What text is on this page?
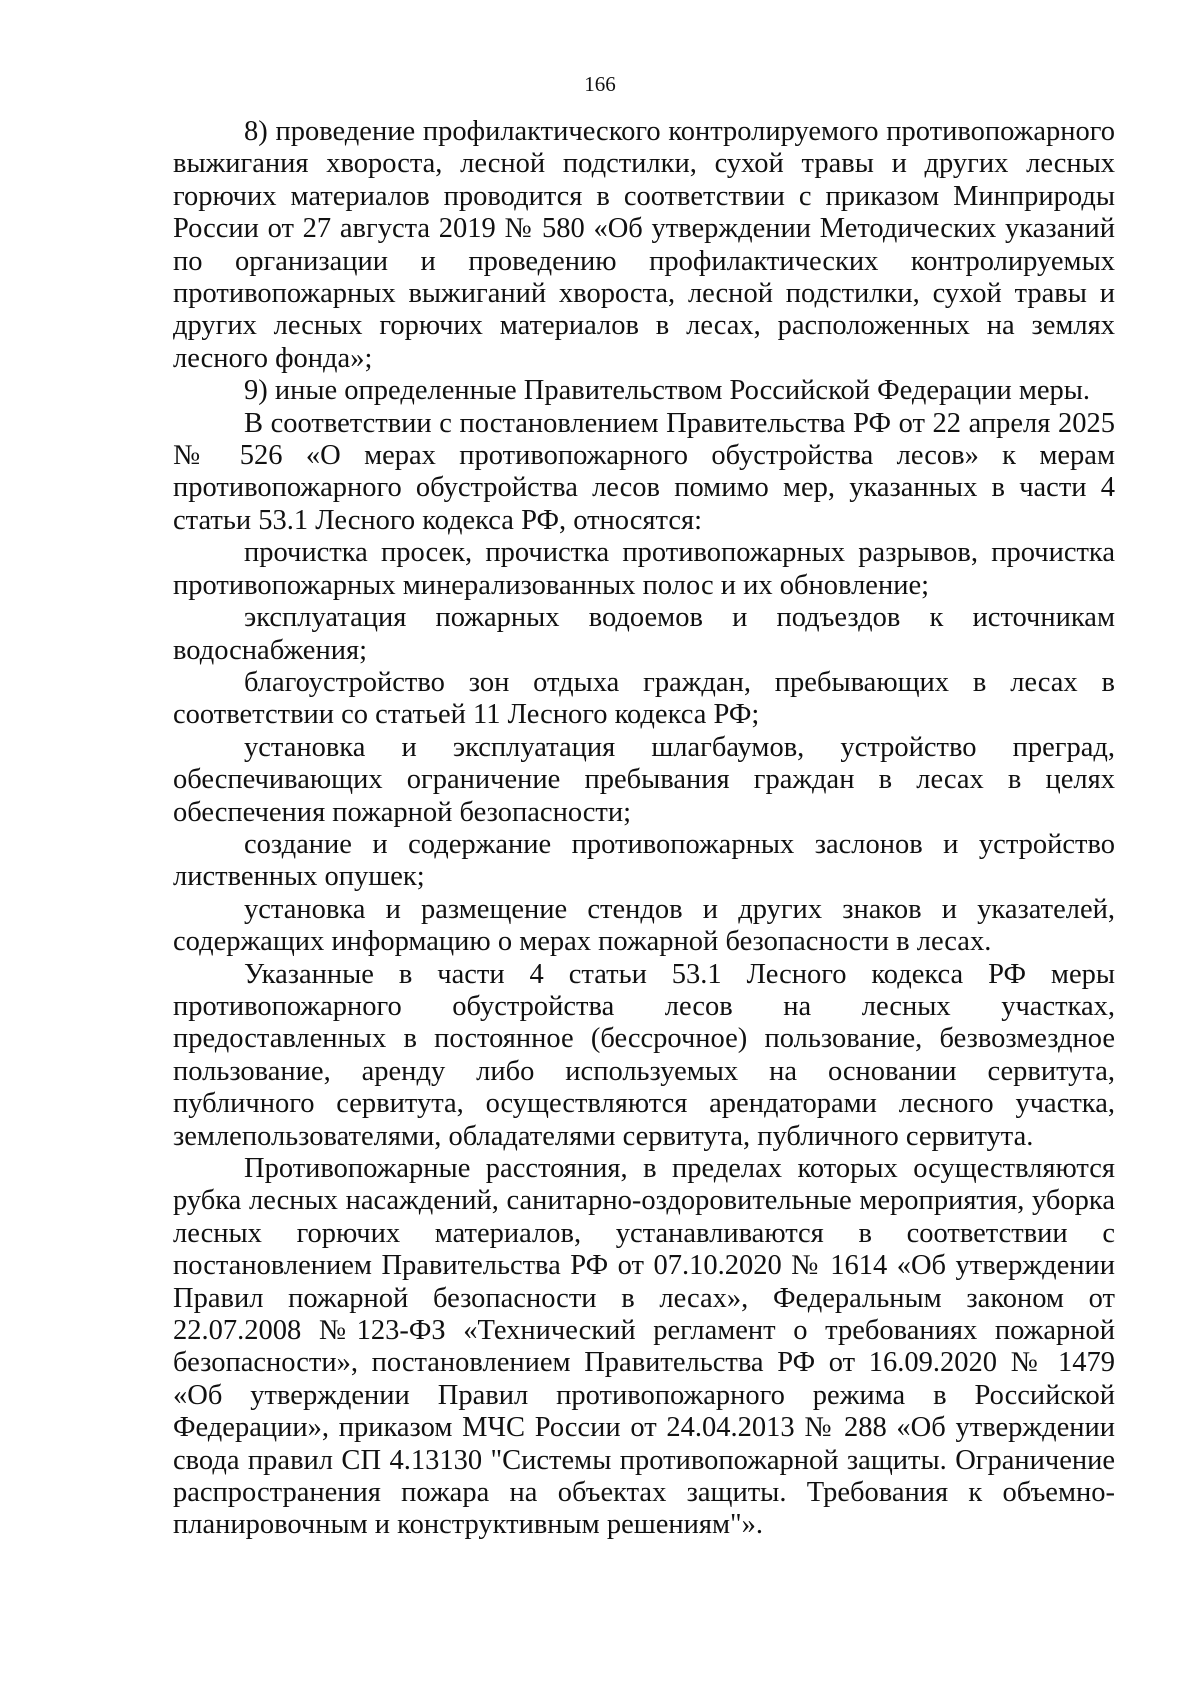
166

8) проведение профилактического контролируемого противопожарного выжигания хвороста, лесной подстилки, сухой травы и других лесных горючих материалов проводится в соответствии с приказом Минприроды России от 27 августа 2019 № 580 «Об утверждении Методических указаний по организации и проведению профилактических контролируемых противопожарных выжиганий хвороста, лесной подстилки, сухой травы и других лесных горючих материалов в лесах, расположенных на землях лесного фонда»;

9) иные определенные Правительством Российской Федерации меры.

В соответствии с постановлением Правительства РФ от 22 апреля 2025 № 526 «О мерах противопожарного обустройства лесов» к мерам противопожарного обустройства лесов помимо мер, указанных в части 4 статьи 53.1 Лесного кодекса РФ, относятся:

прочистка просек, прочистка противопожарных разрывов, прочистка противопожарных минерализованных полос и их обновление;

эксплуатация пожарных водоемов и подъездов к источникам водоснабжения;

благоустройство зон отдыха граждан, пребывающих в лесах в соответствии со статьей 11 Лесного кодекса РФ;

установка и эксплуатация шлагбаумов, устройство преград, обеспечивающих ограничение пребывания граждан в лесах в целях обеспечения пожарной безопасности;

создание и содержание противопожарных заслонов и устройство лиственных опушек;

установка и размещение стендов и других знаков и указателей, содержащих информацию о мерах пожарной безопасности в лесах.

Указанные в части 4 статьи 53.1 Лесного кодекса РФ меры противопожарного обустройства лесов на лесных участках, предоставленных в постоянное (бессрочное) пользование, безвозмездное пользование, аренду либо используемых на основании сервитута, публичного сервитута, осуществляются арендаторами лесного участка, землепользователями, обладателями сервитута, публичного сервитута.

Противопожарные расстояния, в пределах которых осуществляются рубка лесных насаждений, санитарно-оздоровительные мероприятия, уборка лесных горючих материалов, устанавливаются в соответствии с постановлением Правительства РФ от 07.10.2020 № 1614 «Об утверждении Правил пожарной безопасности в лесах», Федеральным законом от 22.07.2008 №123-ФЗ «Технический регламент о требованиях пожарной безопасности», постановлением Правительства РФ от 16.09.2020 № 1479 «Об утверждении Правил противопожарного режима в Российской Федерации», приказом МЧС России от 24.04.2013 № 288 «Об утверждении свода правил СП 4.13130 "Системы противопожарной защиты. Ограничение распространения пожара на объектах защиты. Требования к объемно-планировочным и конструктивным решениям"».
